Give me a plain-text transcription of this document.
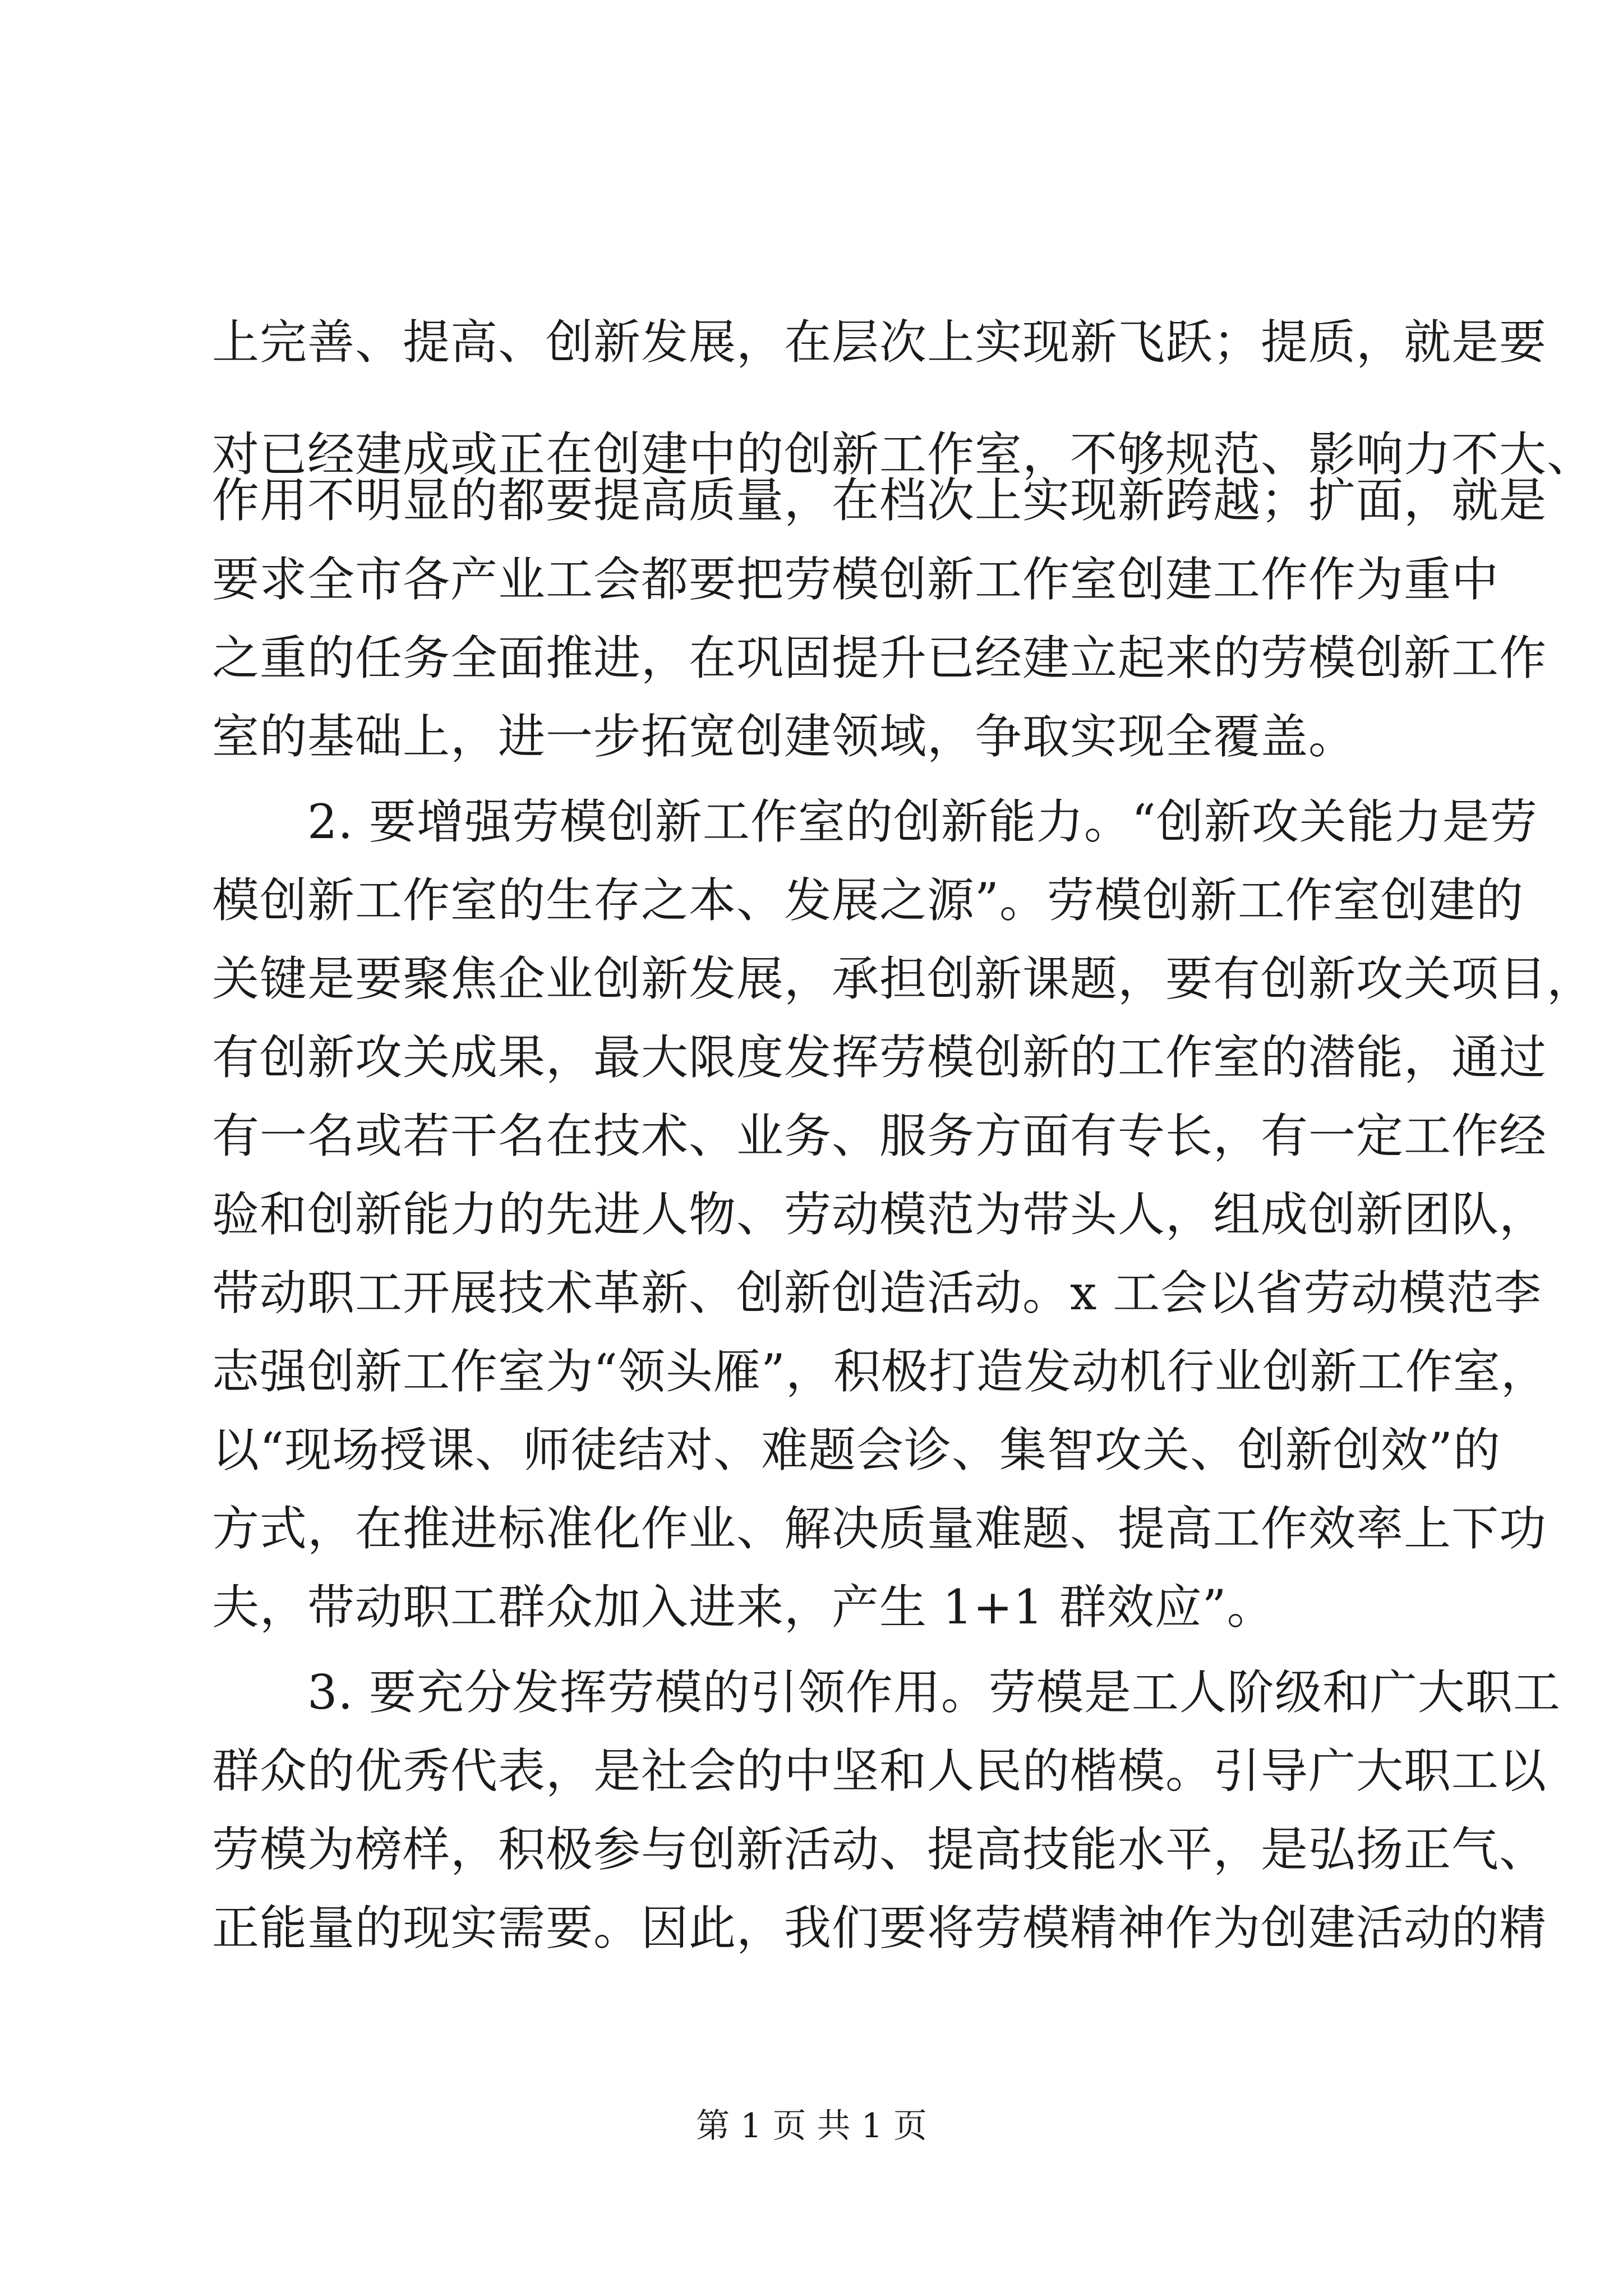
上完善、提高、创新发展，在层次上实现新飞跃；提质，就是要
对已经建成或正在创建中的创新工作室，不够规范、影响力不大、
作用不明显的都要提高质量，在档次上实现新跨越；扩面，就是
要求全市各产业工会都要把劳模创新工作室创建工作作为重中
之重的任务全面推进，在巩固提升已经建立起来的劳模创新工作
室的基础上，进一步拓宽创建领域，争取实现全覆盖。
2. 要增强劳模创新工作室的创新能力。“创新攻关能力是劳
模创新工作室的生存之本、发展之源”。劳模创新工作室创建的
关键是要聚焦企业创新发展，承担创新课题，要有创新攻关项目，
有创新攻关成果，最大限度发挥劳模创新的工作室的潜能，通过
有一名或若干名在技术、业务、服务方面有专长，有一定工作经
验和创新能力的先进人物、劳动模范为带头人，组成创新团队，
带动职工开展技术革新、创新创造活动。x 工会以省劳动模范李
志强创新工作室为“领头雁”，积极打造发动机行业创新工作室，
以“现场授课、师徒结对、难题会诊、集智攻关、创新创效”的
方式，在推进标准化作业、解决质量难题、提高工作效率上下功
夫，带动职工群众加入进来，产生 1+1 群效应”。
3. 要充分发挥劳模的引领作用。劳模是工人阶级和广大职工
群众的优秀代表，是社会的中坚和人民的楷模。引导广大职工以
劳模为榜样，积极参与创新活动、提高技能水平，是弘扬正气、
正能量的现实需要。因此，我们要将劳模精神作为创建活动的精
第 1 页 共 1 页
